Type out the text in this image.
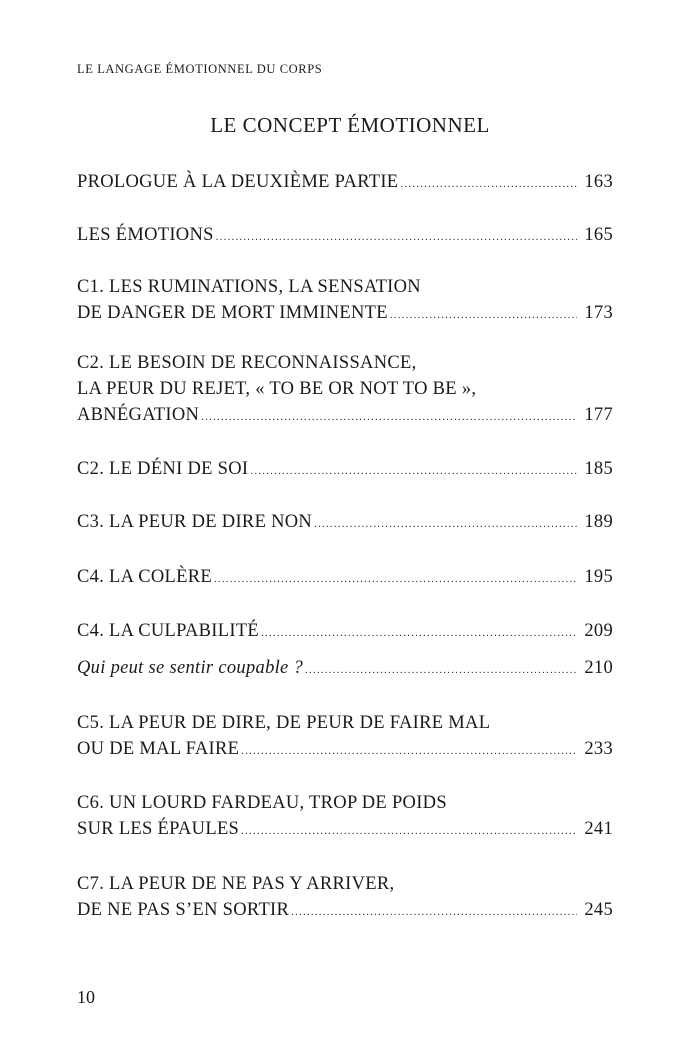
LE LANGAGE ÉMOTIONNEL DU CORPS
LE CONCEPT ÉMOTIONNEL
PROLOGUE À LA DEUXIÈME PARTIE .....	163
LES ÉMOTIONS .....	165
C1. LES RUMINATIONS, LA SENSATION
DE DANGER DE MORT IMMINENTE .....	173
C2. LE BESOIN DE RECONNAISSANCE,
LA PEUR DU REJET, « TO BE OR NOT TO BE »,
ABNÉGATION .....	177
C2. LE DÉNI DE SOI .....	185
C3. LA PEUR DE DIRE NON .....	189
C4. LA COLÈRE .....	195
C4. LA CULPABILITÉ .....	209
Qui peut se sentir coupable ? .....	210
C5. LA PEUR DE DIRE, DE PEUR DE FAIRE MAL
OU DE MAL FAIRE .....	233
C6. UN LOURD FARDEAU, TROP DE POIDS
SUR LES ÉPAULES .....	241
C7. LA PEUR DE NE PAS Y ARRIVER,
DE NE PAS S’EN SORTIR .....	245
10
